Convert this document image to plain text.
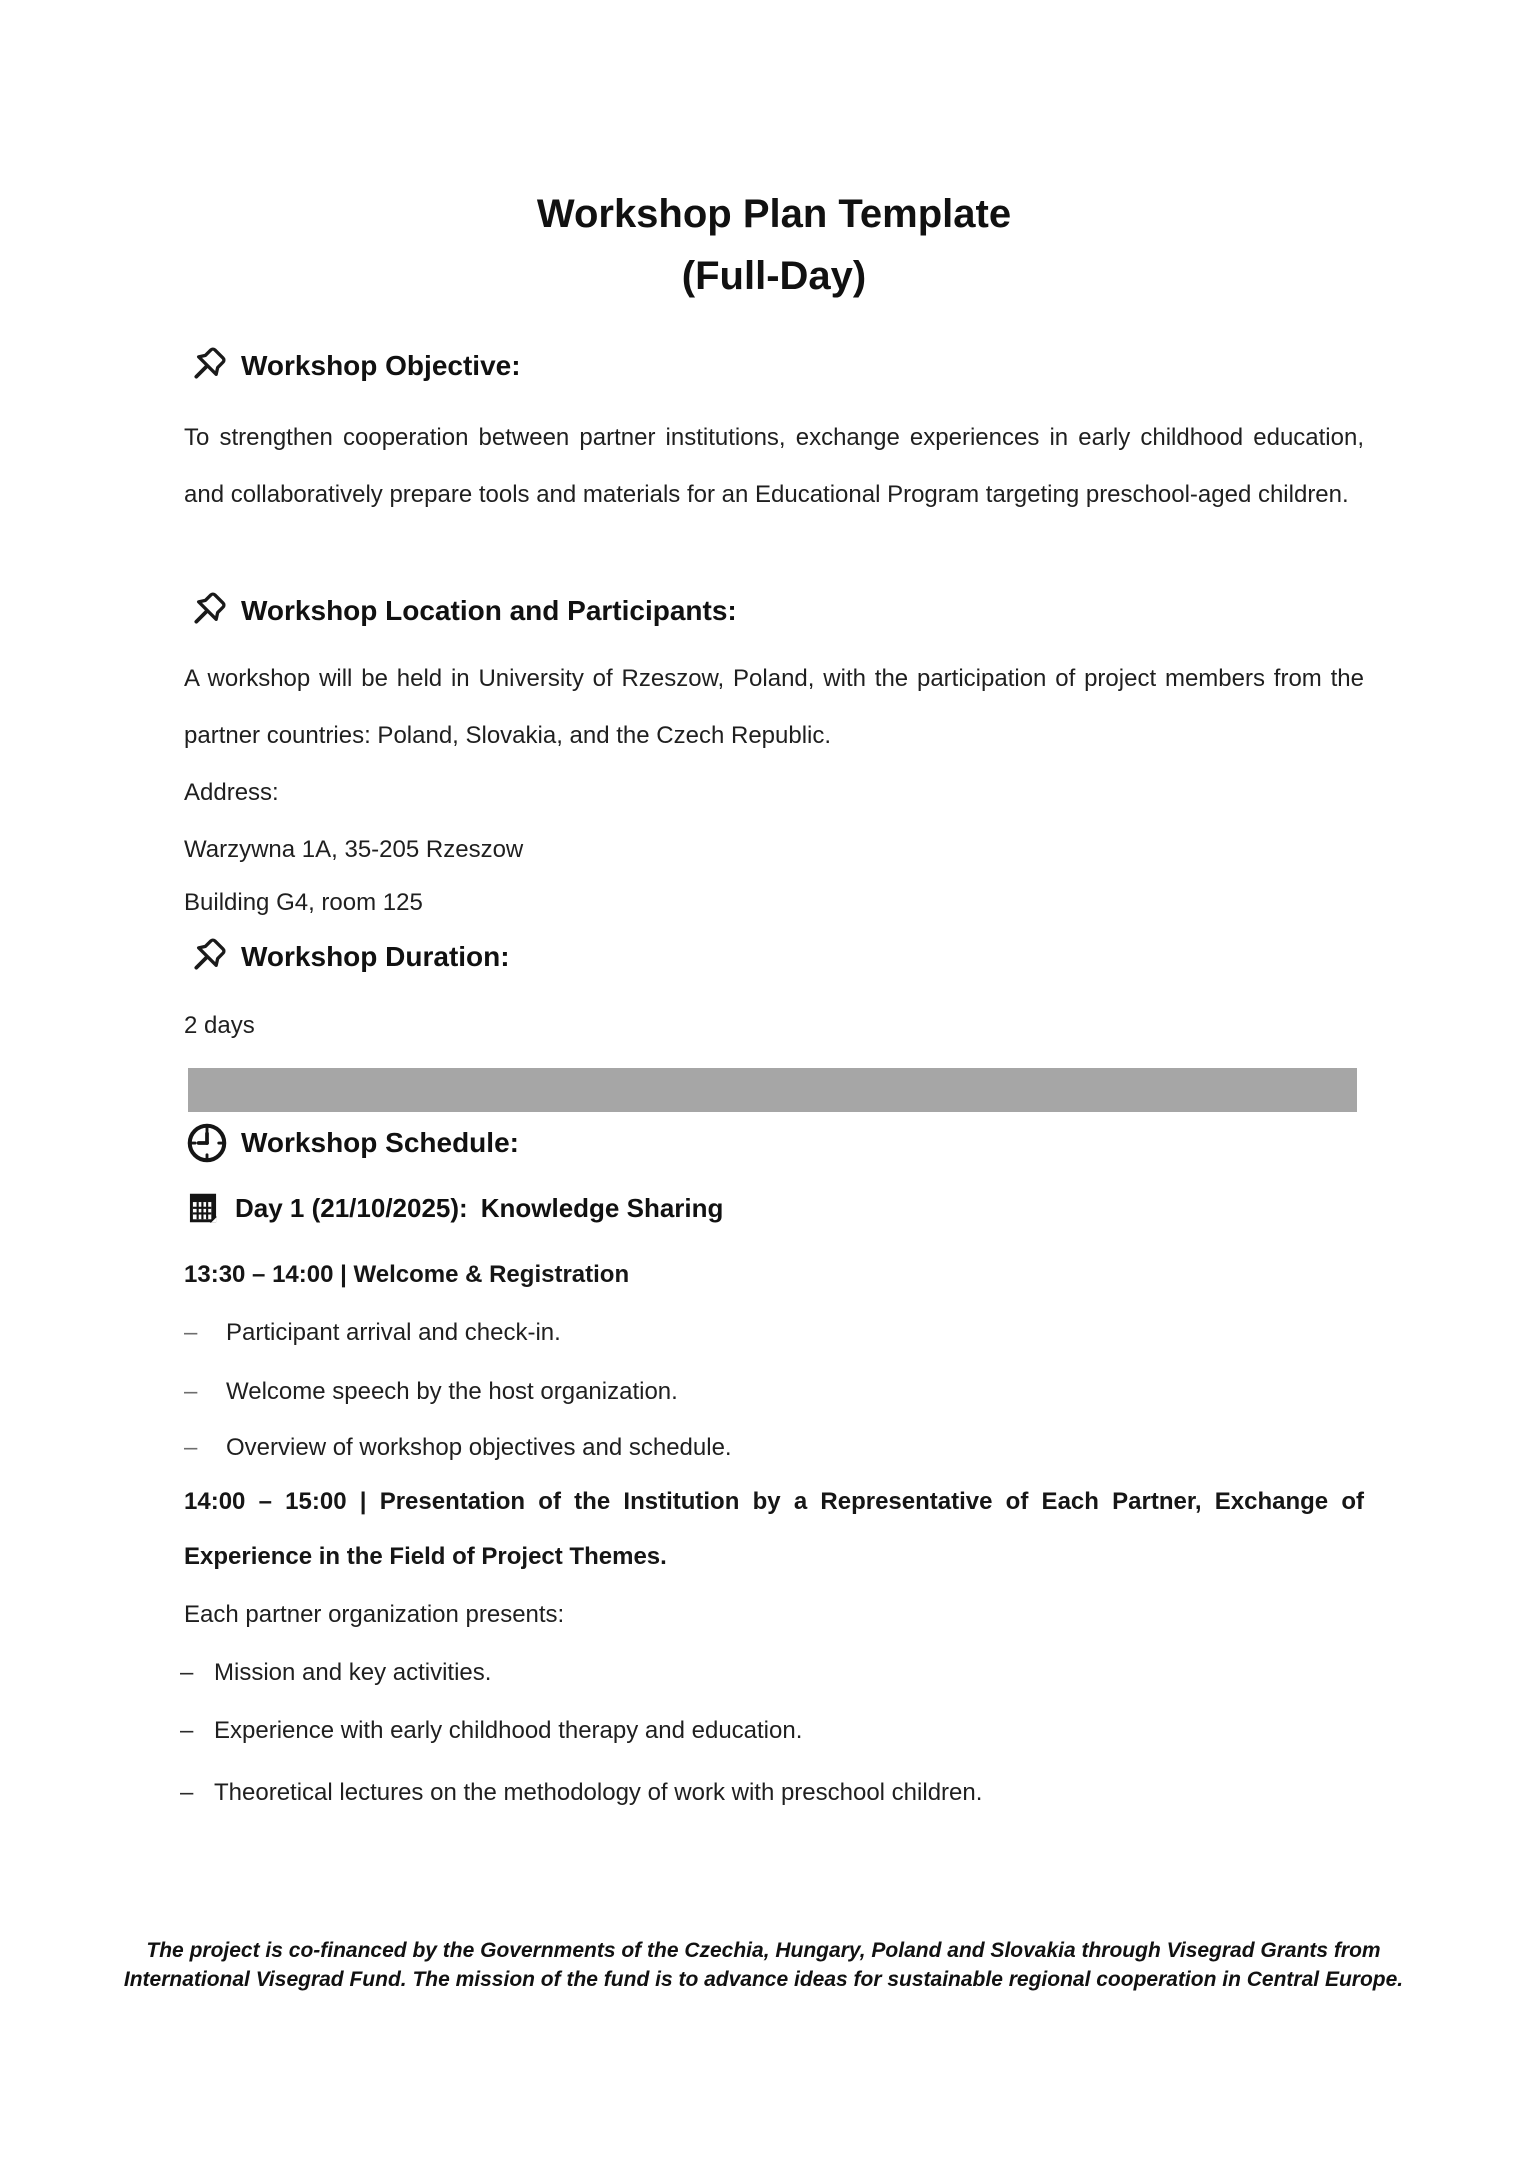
Workshop Plan Template
(Full-Day)
Workshop Objective:
To strengthen cooperation between partner institutions, exchange experiences in early childhood education, and collaboratively prepare tools and materials for an Educational Program targeting preschool-aged children.
Workshop Location and Participants:
A workshop will be held in University of Rzeszow, Poland, with the participation of project members from the partner countries: Poland, Slovakia, and the Czech Republic.
Address:
Warzywna 1A, 35-205 Rzeszow
Building G4, room 125
Workshop Duration:
2 days
Workshop Schedule:
Day 1 (21/10/2025): Knowledge Sharing
13:30 – 14:00 | Welcome & Registration
–	Participant arrival and check-in.
–	Welcome speech by the host organization.
–	Overview of workshop objectives and schedule.
14:00 – 15:00 | Presentation of the Institution by a Representative of Each Partner, Exchange of Experience in the Field of Project Themes.
Each partner organization presents:
– Mission and key activities.
– Experience with early childhood therapy and education.
– Theoretical lectures on the methodology of work with preschool children.
The project is co-financed by the Governments of the Czechia, Hungary, Poland and Slovakia through Visegrad Grants from
International Visegrad Fund. The mission of the fund is to advance ideas for sustainable regional cooperation in Central Europe.
